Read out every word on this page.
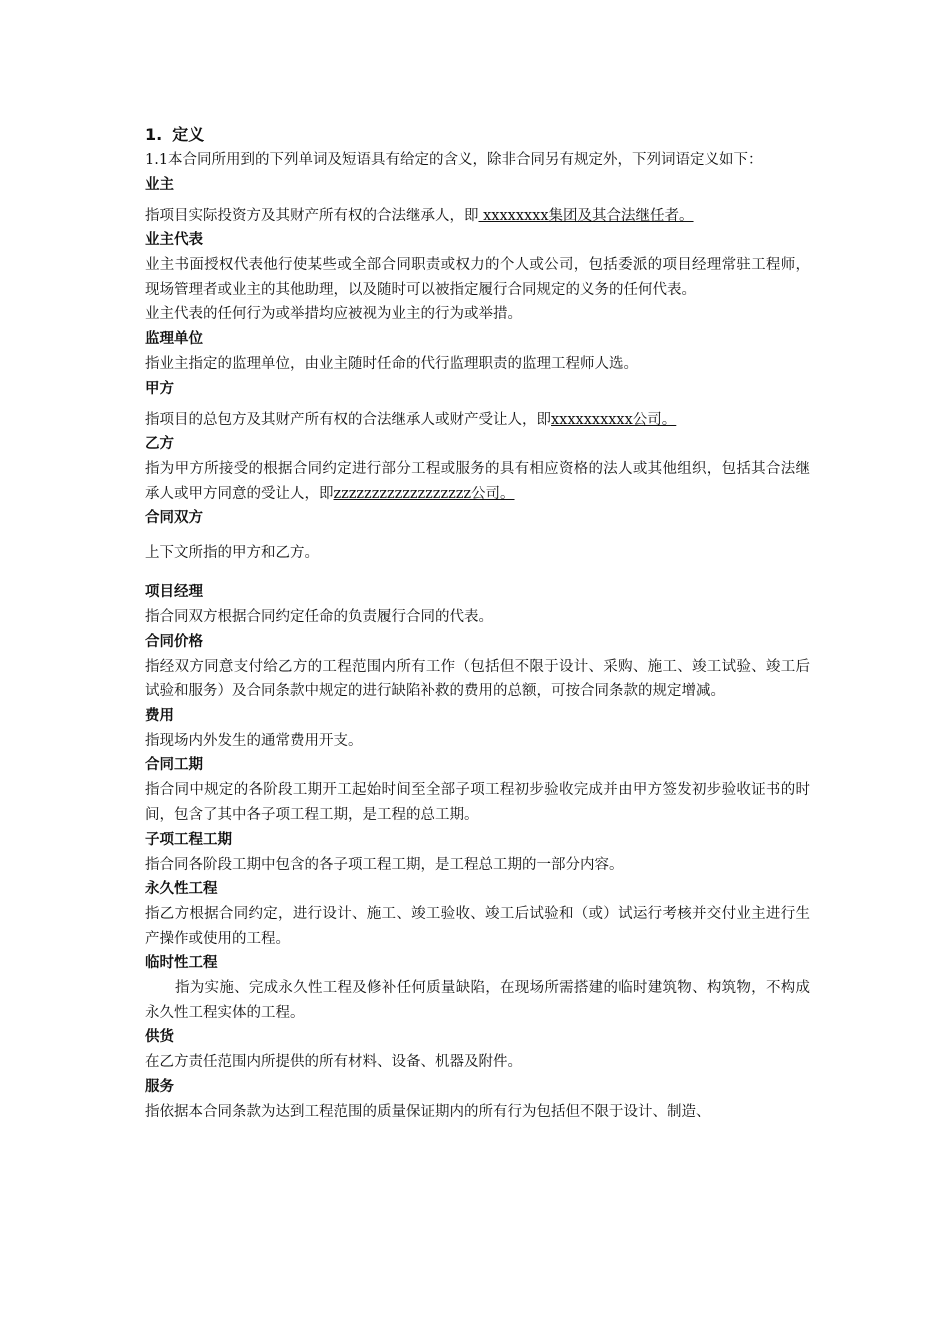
1. 定义

1.1本合同所用到的下列单词及短语具有给定的含义，除非合同另有规定外，下列词语定义如下：

业主

指项目实际投资方及其财产所有权的合法继承人，即 xxxxxxxx集团及其合法继任者。

业主代表

业主书面授权代表他行使某些或全部合同职责或权力的个人或公司，包括委派的项目经理常驻工程师，现场管理者或业主的其他助理，以及随时可以被指定履行合同规定的义务的任何代表。

业主代表的任何行为或举措均应被视为业主的行为或举措。

监理单位

指业主指定的监理单位，由业主随时任命的代行监理职责的监理工程师人选。

甲方

指项目的总包方及其财产所有权的合法继承人或财产受让人，即xxxxxxxxxx公司。

乙方

指为甲方所接受的根据合同约定进行部分工程或服务的具有相应资格的法人或其他组织，包括其合法继承人或甲方同意的受让人，即zzzzzzzzzzzzzzzzzz公司。

合同双方

上下文所指的甲方和乙方。

项目经理

指合同双方根据合同约定任命的负责履行合同的代表。

合同价格

指经双方同意支付给乙方的工程范围内所有工作（包括但不限于设计、采购、施工、竣工试验、竣工后试验和服务）及合同条款中规定的进行缺陷补救的费用的总额，可按合同条款的规定增减。

费用

指现场内外发生的通常费用开支。

合同工期

指合同中规定的各阶段工期开工起始时间至全部子项工程初步验收完成并由甲方签发初步验收证书的时间，包含了其中各子项工程工期，是工程的总工期。

子项工程工期

指合同各阶段工期中包含的各子项工程工期，是工程总工期的一部分内容。

永久性工程

指乙方根据合同约定，进行设计、施工、竣工验收、竣工后试验和（或）试运行考核并交付业主进行生产操作或使用的工程。

临时性工程

指为实施、完成永久性工程及修补任何质量缺陷，在现场所需搭建的临时建筑物、构筑物，不构成永久性工程实体的工程。

供货

在乙方责任范围内所提供的所有材料、设备、机器及附件。

服务

指依据本合同条款为达到工程范围的质量保证期内的所有行为包括但不限于设计、制造、
